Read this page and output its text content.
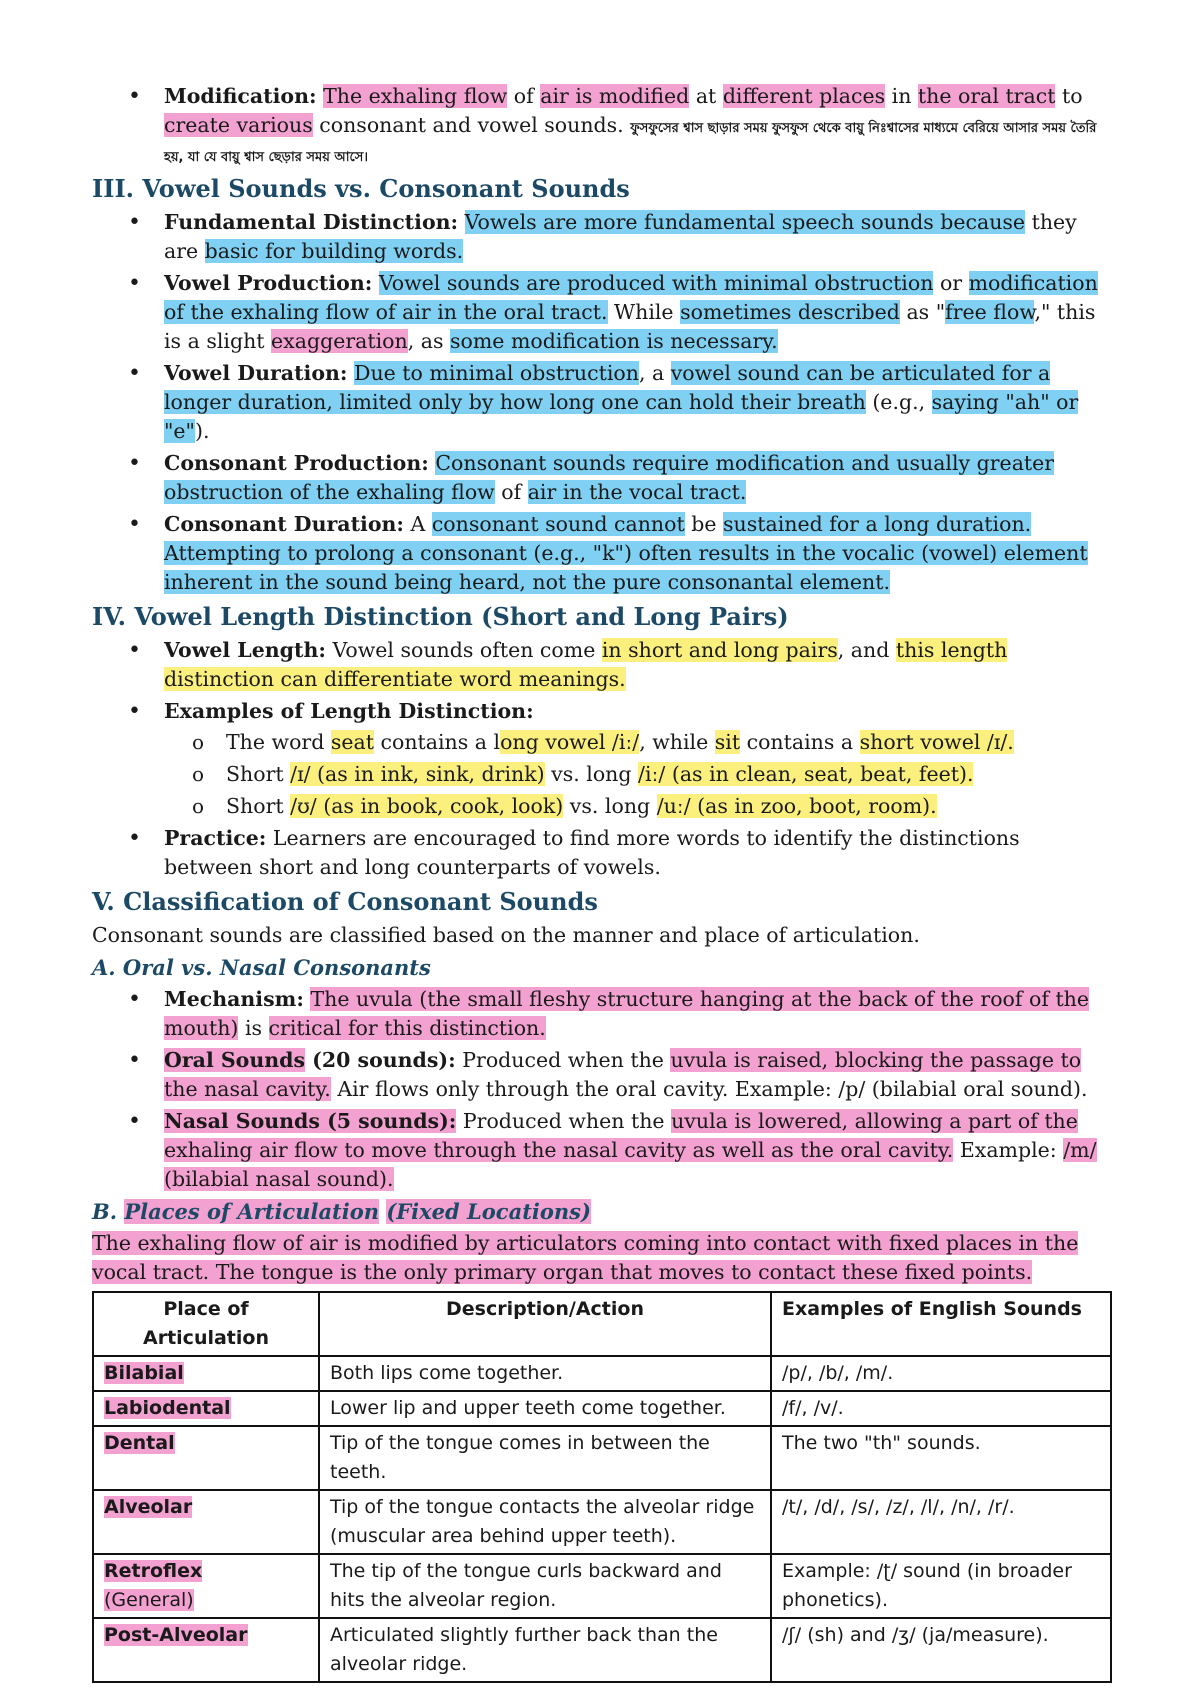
• Modification: The exhaling flow of air is modified at different places in the oral tract to create various consonant and vowel sounds. ফুসফুসের শ্বাস ছাড়ার সময় ফুসফুস থেকে বায়ু নিঃশ্বাসের মাধ্যমে বেরিয়ে আসার সময় তৈরি হয়, যা যে বায়ু শ্বাস ছেড়ার সময় আসে।
III. Vowel Sounds vs. Consonant Sounds
• Fundamental Distinction: Vowels are more fundamental speech sounds because they are basic for building words.
• Vowel Production: Vowel sounds are produced with minimal obstruction or modification of the exhaling flow of air in the oral tract. While sometimes described as "free flow," this is a slight exaggeration, as some modification is necessary.
• Vowel Duration: Due to minimal obstruction, a vowel sound can be articulated for a longer duration, limited only by how long one can hold their breath (e.g., saying "ah" or "e").
• Consonant Production: Consonant sounds require modification and usually greater obstruction of the exhaling flow of air in the vocal tract.
• Consonant Duration: A consonant sound cannot be sustained for a long duration. Attempting to prolong a consonant (e.g., "k") often results in the vocalic (vowel) element inherent in the sound being heard, not the pure consonantal element.
IV. Vowel Length Distinction (Short and Long Pairs)
• Vowel Length: Vowel sounds often come in short and long pairs, and this length distinction can differentiate word meanings.
• Examples of Length Distinction:
o The word seat contains a long vowel /iː/, while sit contains a short vowel /ɪ/.
o Short /ɪ/ (as in ink, sink, drink) vs. long /iː/ (as in clean, seat, beat, feet).
o Short /ʊ/ (as in book, cook, look) vs. long /uː/ (as in zoo, boot, room).
• Practice: Learners are encouraged to find more words to identify the distinctions between short and long counterparts of vowels.
V. Classification of Consonant Sounds

Consonant sounds are classified based on the manner and place of articulation.

A. Oral vs. Nasal Consonants
• Mechanism: The uvula (the small fleshy structure hanging at the back of the roof of the mouth) is critical for this distinction.
• Oral Sounds (20 sounds): Produced when the uvula is raised, blocking the passage to the nasal cavity. Air flows only through the oral cavity. Example: /p/ (bilabial oral sound).
• Nasal Sounds (5 sounds): Produced when the uvula is lowered, allowing a part of the exhaling air flow to move through the nasal cavity as well as the oral cavity. Example: /m/ (bilabial nasal sound).
B. Places of Articulation (Fixed Locations)

The exhaling flow of air is modified by articulators coming into contact with fixed places in the vocal tract. The tongue is the only primary organ that moves to contact these fixed points.

Place of Articulation	Description/Action	Examples of English Sounds
Bilabial	Both lips come together.	/p/, /b/, /m/.
Labiodental	Lower lip and upper teeth come together.	/f/, /v/.
Dental	Tip of the tongue comes in between the teeth.	The two "th" sounds.
Alveolar	Tip of the tongue contacts the alveolar ridge (muscular area behind upper teeth).	/t/, /d/, /s/, /z/, /l/, /n/, /r/.
Retroflex
(General)	The tip of the tongue curls backward and hits the alveolar region.	Example: /ʈ/ sound (in broader phonetics).
Post-Alveolar	Articulated slightly further back than the alveolar ridge.	/ʃ/ (sh) and /ʒ/ (ja/measure).
